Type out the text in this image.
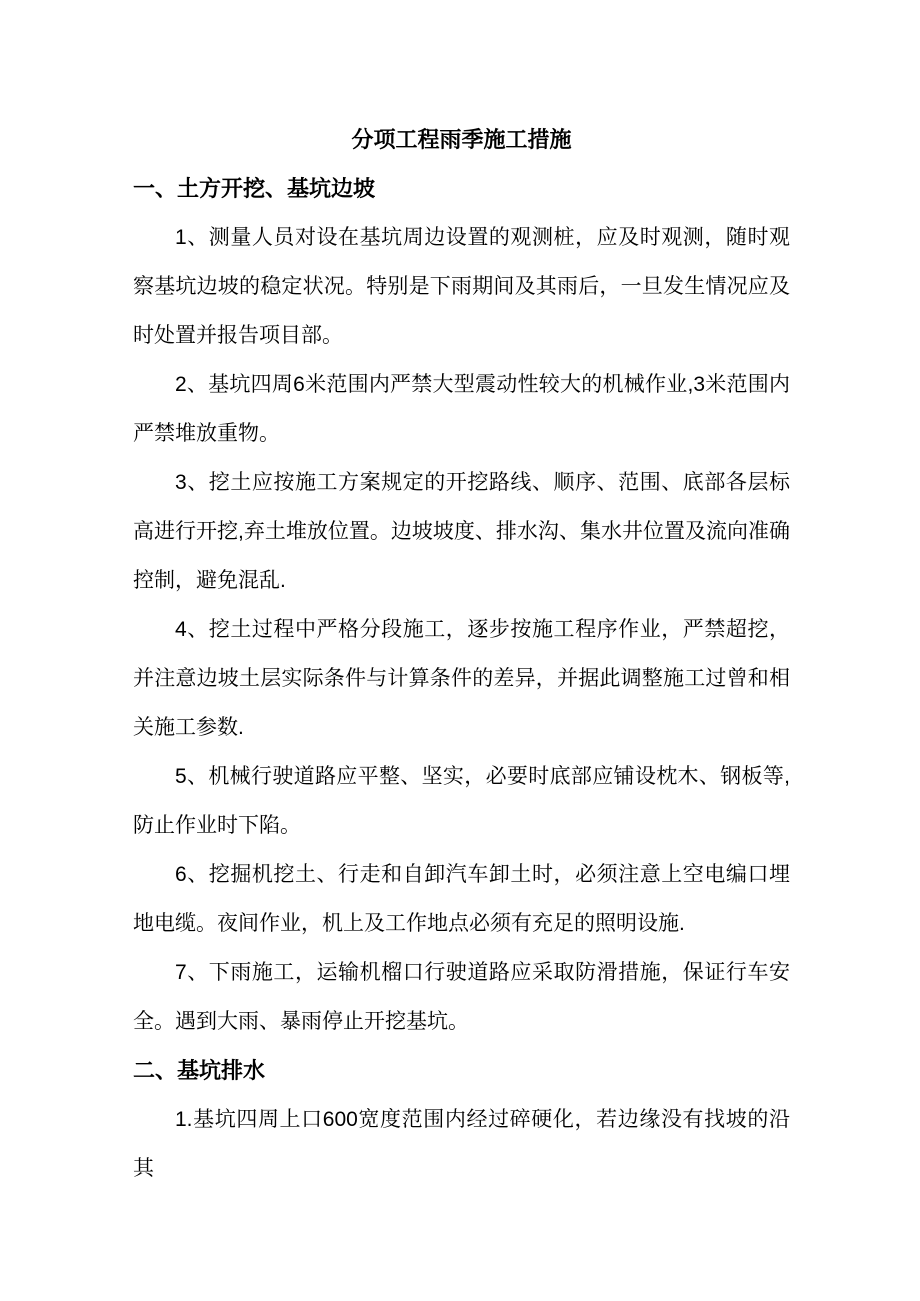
分项工程雨季施工措施
一、土方开挖、基坑边坡

1、测量人员对设在基坑周边设置的观测桩，应及时观测，随时观察基坑边坡的稳定状况。特别是下雨期间及其雨后，一旦发生情况应及时处置并报告项目部。

2、基坑四周6米范围内严禁大型震动性较大的机械作业,3米范围内严禁堆放重物。

3、挖土应按施工方案规定的开挖路线、顺序、范围、底部各层标高进行开挖,弃土堆放位置。边坡坡度、排水沟、集水井位置及流向准确控制，避免混乱.

4、挖土过程中严格分段施工，逐步按施工程序作业，严禁超挖，并注意边坡土层实际条件与计算条件的差异，并据此调整施工过曾和相关施工参数.

5、机械行驶道路应平整、坚实，必要时底部应铺设枕木、钢板等,防止作业时下陷。

6、挖掘机挖土、行走和自卸汽车卸土时，必须注意上空电编口埋地电缆。夜间作业，机上及工作地点必须有充足的照明设施.

7、下雨施工，运输机榴口行驶道路应采取防滑措施，保证行车安全。遇到大雨、暴雨停止开挖基坑。

二、基坑排水

1.基坑四周上口600宽度范围内经过碎硬化，若边缘没有找坡的沿其
